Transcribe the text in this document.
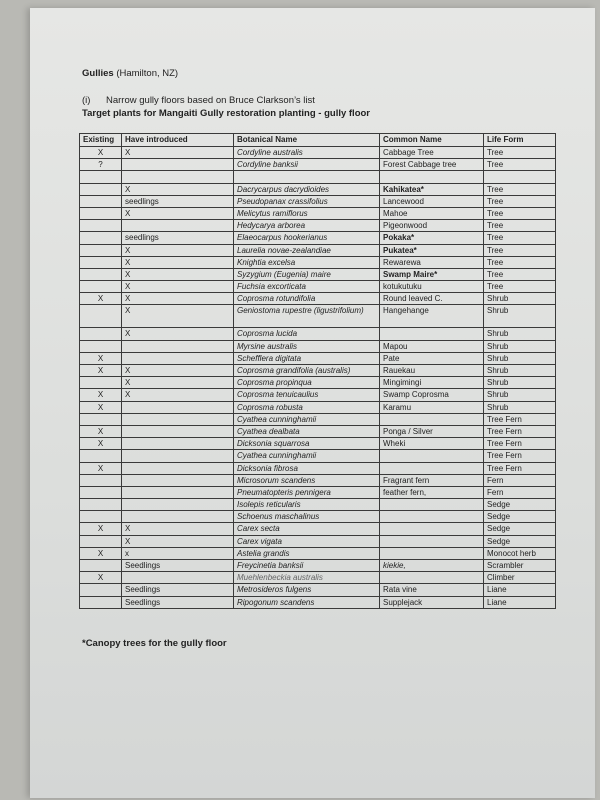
Gullies (Hamilton, NZ)
(i) Narrow gully floors based on Bruce Clarkson’s list
Target plants for Mangaiti Gully restoration planting - gully floor
Existing	Have introduced	Botanical Name	Common Name	Life Form
X	X	Cordyline australis	Cabbage Tree	Tree
?		Cordyline banksii	Forest Cabbage tree	Tree

	X	Dacrycarpus dacrydioides	Kahikatea*	Tree
	seedlings	Pseudopanax crassifolius	Lancewood	Tree
	X	Melicytus ramiflorus	Mahoe	Tree
		Hedycarya arborea	Pigeonwood	Tree
	seedlings	Elaeocarpus hookerianus	Pokaka*	Tree
	X	Laurelia novae-zealandiae	Pukatea*	Tree
	X	Knightia excelsa	Rewarewa	Tree
	X	Syzygium (Eugenia) maire	Swamp Maire*	Tree
	X	Fuchsia excorticata	kotukutuku	Tree
X	X	Coprosma rotundifolia	Round leaved C.	Shrub
	X	Geniostoma rupestre (ligustrifolium)	Hangehange	Shrub
	X	Coprosma lucida		Shrub
		Myrsine australis	Mapou	Shrub
X		Schefflera digitata	Pate	Shrub
X	X	Coprosma grandifolia (australis)	Rauekau	Shrub
	X	Coprosma propinqua	Mingimingi	Shrub
X	X	Coprosma tenuicaulius	Swamp Coprosma	Shrub
X		Coprosma robusta	Karamu	Shrub
		Cyathea cunninghamii		Tree Fern
X		Cyathea dealbata	Ponga / Silver	Tree Fern
X		Dicksonia squarrosa	Wheki	Tree Fern
		Cyathea cunninghamii		Tree Fern
X		Dicksonia fibrosa		Tree Fern
		Microsorum scandens	Fragrant fern	Fern
		Pneumatopteris pennigera	feather fern,	Fern
		Isolepis reticularis		Sedge
		Schoenus maschalinus		Sedge
X	X	Carex secta		Sedge
	X	Carex vigata		Sedge
X	x	Astelia grandis		Monocot herb
	Seedlings	Freycinetia banksii	kiekie,	Scrambler
X		Muehlenbeckia australis		Climber
	Seedlings	Metrosideros fulgens	Rata vine	Liane
	Seedlings	Ripogonum scandens	Supplejack	Liane
*Canopy trees for the gully floor
